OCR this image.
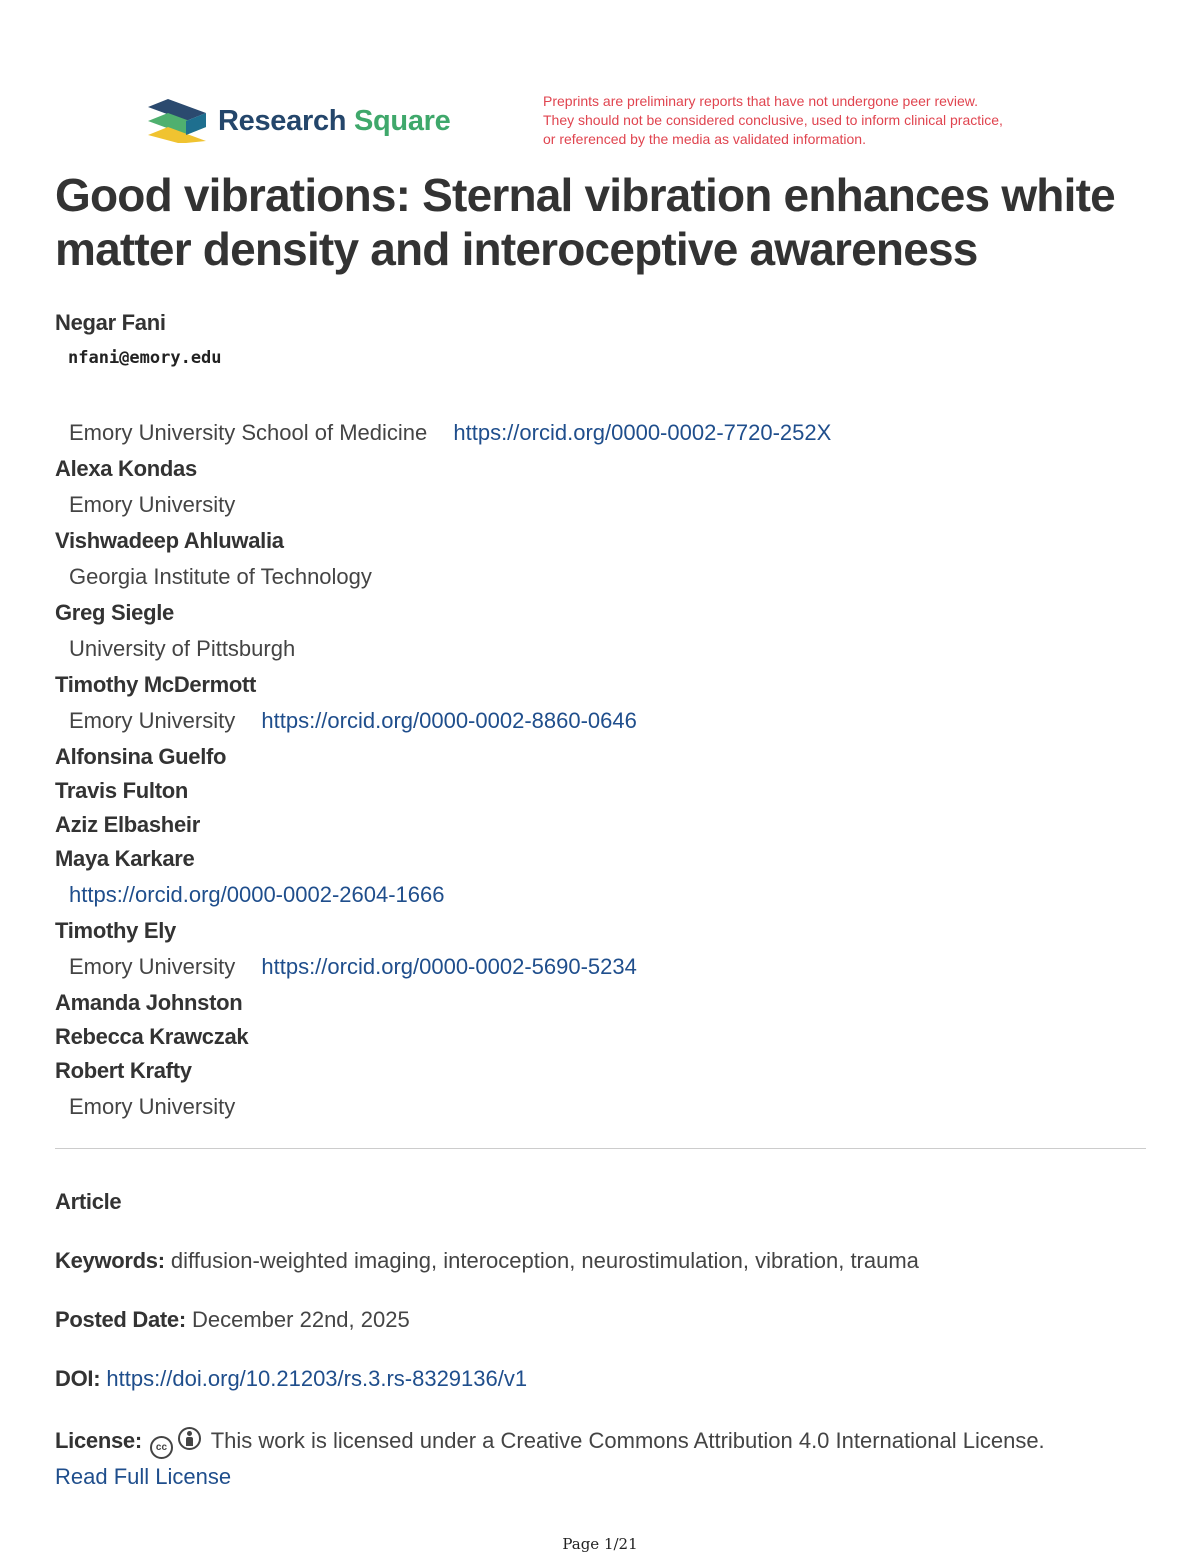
Research Square
Preprints are preliminary reports that have not undergone peer review.
They should not be considered conclusive, used to inform clinical practice,
or referenced by the media as validated information.
Good vibrations: Sternal vibration enhances white matter density and interoceptive awareness
Negar Fani
nfani@emory.edu
Emory University School of Medicine https://orcid.org/0000-0002-7720-252X
Alexa Kondas
Emory University
Vishwadeep Ahluwalia
Georgia Institute of Technology
Greg Siegle
University of Pittsburgh
Timothy McDermott
Emory University https://orcid.org/0000-0002-8860-0646
Alfonsina Guelfo
Travis Fulton
Aziz Elbasheir
Maya Karkare
https://orcid.org/0000-0002-2604-1666
Timothy Ely
Emory University https://orcid.org/0000-0002-5690-5234
Amanda Johnston
Rebecca Krawczak
Robert Krafty
Emory University
Article
Keywords: diffusion-weighted imaging, interoception, neurostimulation, vibration, trauma
Posted Date: December 22nd, 2025
DOI: https://doi.org/10.21203/rs.3.rs-8329136/v1
License: cc This work is licensed under a Creative Commons Attribution 4.0 International License.
Read Full License
Page 1/21
